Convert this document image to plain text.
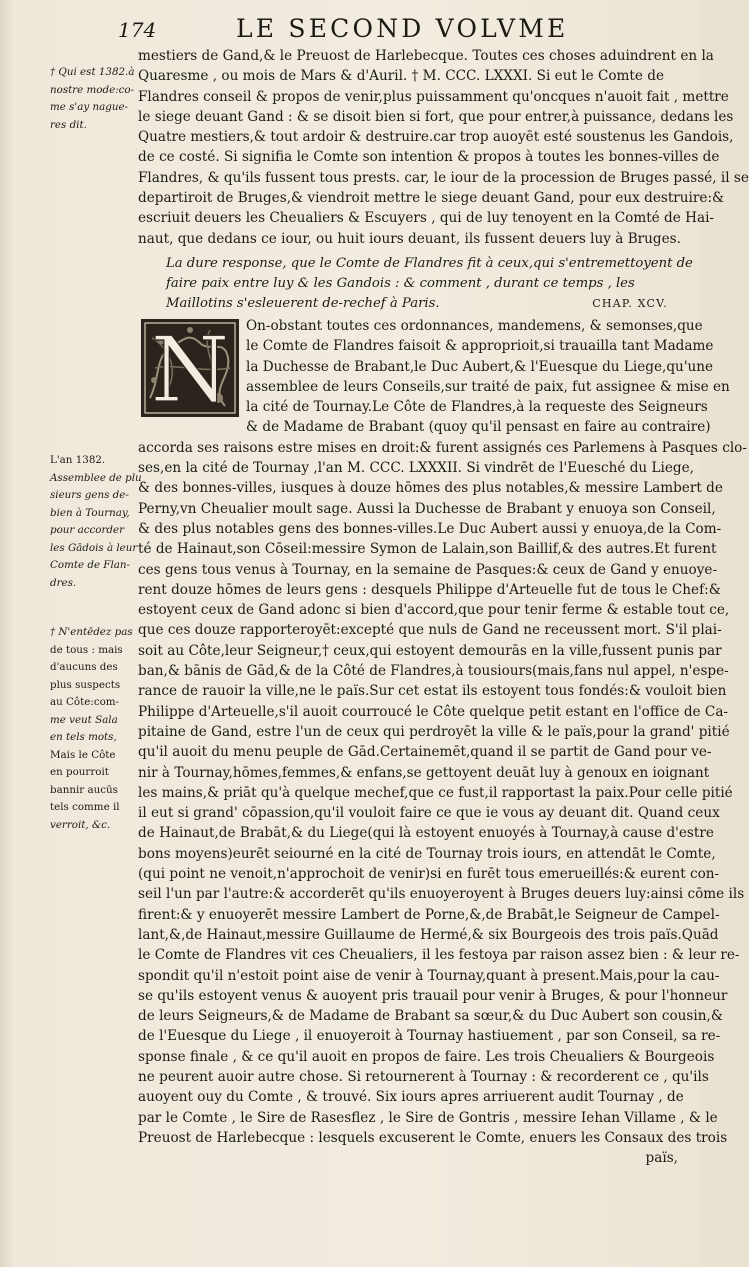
174	LE SECOND VOLVME
† Qui est 1382.à
nostre mode:co-
me s'ay nague-
res dit.
L'an 1382.
Assemblee de plu
sieurs gens de-
bien à Tournay,
pour accorder
les Gādois à leur
Comte de Flan-
dres.
† N'entēdez pas
de tous : mais
d'aucuns des
plus suspects
au Côte:com-
me veut Sala
en tels mots,
Mais le Côte
en pourroit
bannir aucūs
tels comme il
verroit, &c.
mestiers de Gand,& le Preuost de Harlebecque. Toutes ces choses aduindrent en la
Quaresme , ou mois de Mars & d'Auril. † M. CCC. LXXXI. Si eut le Comte de
Flandres conseil & propos de venir,plus puissamment qu'oncques n'auoit fait , mettre
le siege deuant Gand : & se disoit bien si fort, que pour entrer,à puissance, dedans les
Quatre mestiers,& tout ardoir & destruire.car trop auoyēt esté soustenus les Gandois,
de ce costé. Si signifia le Comte son intention & propos à toutes les bonnes-villes de
Flandres, & qu'ils fussent tous prests. car, le iour de la procession de Bruges passé, il se
departiroit de Bruges,& viendroit mettre le siege deuant Gand, pour eux destruire:&
escriuit deuers les Cheualiers & Escuyers , qui de luy tenoyent en la Comté de Hai-
naut, que dedans ce iour, ou huit iours deuant, ils fussent deuers luy à Bruges.
La dure response, que le Comte de Flandres fit à ceux,qui s'entremettoyent de
faire paix entre luy & les Gandois : & comment , durant ce temps , les
Maillotins s'esleuerent de-rechef à Paris.	CHAP. XCV.
N	On-obstant toutes ces ordonnances, mandemens, & semonses,que
le Comte de Flandres faisoit & approprioit,si trauailla tant Madame
la Duchesse de Brabant,le Duc Aubert,& l'Euesque du Liege,qu'une
assemblee de leurs Conseils,sur traité de paix, fut assignee & mise en
la cité de Tournay.Le Côte de Flandres,à la requeste des Seigneurs
& de Madame de Brabant (quoy qu'il pensast en faire au contraire)
accorda ses raisons estre mises en droit:& furent assignés ces Parlemens à Pasques clo-
ses,en la cité de Tournay ,l'an M. CCC. LXXXII. Si vindrēt de l'Euesché du Liege,
& des bonnes-villes, iusques à douze hōmes des plus notables,& messire Lambert de
Perny,vn Cheualier moult sage. Aussi la Duchesse de Brabant y enuoya son Conseil,
& des plus notables gens des bonnes-villes.Le Duc Aubert aussi y enuoya,de la Com-
té de Hainaut,son Cōseil:messire Symon de Lalain,son Baillif,& des autres.Et furent
ces gens tous venus à Tournay, en la semaine de Pasques:& ceux de Gand y enuoye-
rent douze hōmes de leurs gens : desquels Philippe d'Arteuelle fut de tous le Chef:&
estoyent ceux de Gand adonc si bien d'accord,que pour tenir ferme & estable tout ce,
que ces douze rapporteroyēt:excepté que nuls de Gand ne receussent mort. S'il plai-
soit au Côte,leur Seigneur,† ceux,qui estoyent demourās en la ville,fussent punis par
ban,& bānis de Gād,& de la Côté de Flandres,à tousiours(mais,fans nul appel, n'espe-
rance de rauoir la ville,ne le païs.Sur cet estat ils estoyent tous fondés:& vouloit bien
Philippe d'Arteuelle,s'il auoit courroucé le Côte quelque petit estant en l'office de Ca-
pitaine de Gand, estre l'un de ceux qui perdroyēt la ville & le païs,pour la grand' pitié
qu'il auoit du menu peuple de Gād.Certainemēt,quand il se partit de Gand pour ve-
nir à Tournay,hōmes,femmes,& enfans,se gettoyent deuāt luy à genoux en ioignant
les mains,& priāt qu'à quelque mechef,que ce fust,il rapportast la paix.Pour celle pitié
il eut si grand' cōpassion,qu'il vouloit faire ce que ie vous ay deuant dit. Quand ceux
de Hainaut,de Brabāt,& du Liege(qui là estoyent enuoyés à Tournay,à cause d'estre
bons moyens)eurēt seiourné en la cité de Tournay trois iours, en attendāt le Comte,
(qui point ne venoit,n'approchoit de venir)si en furēt tous emerueillés:& eurent con-
seil l'un par l'autre:& accorderēt qu'ils enuoyeroyent à Bruges deuers luy:ainsi cōme ils
firent:& y enuoyerēt messire Lambert de Porne,&,de Brabāt,le Seigneur de Campel-
lant,&,de Hainaut,messire Guillaume de Hermé,& six Bourgeois des trois païs.Quād
le Comte de Flandres vit ces Cheualiers, il les festoya par raison assez bien : & leur re-
spondit qu'il n'estoit point aise de venir à Tournay,quant à present.Mais,pour la cau-
se qu'ils estoyent venus & auoyent pris trauail pour venir à Bruges, & pour l'honneur
de leurs Seigneurs,& de Madame de Brabant sa sœur,& du Duc Aubert son cousin,&
de l'Euesque du Liege , il enuoyeroit à Tournay hastiuement , par son Conseil, sa re-
sponse finale , & ce qu'il auoit en propos de faire. Les trois Cheualiers & Bourgeois
ne peurent auoir autre chose. Si retournerent à Tournay : & recorderent ce , qu'ils
auoyent ouy du Comte , & trouvé. Six iours apres arriuerent audit Tournay , de
par le Comte , le Sire de Rasesflez , le Sire de Gontris , messire Iehan Villame , & le
Preuost de Harlebecque : lesquels excuserent le Comte, enuers les Consaux des trois
païs,
